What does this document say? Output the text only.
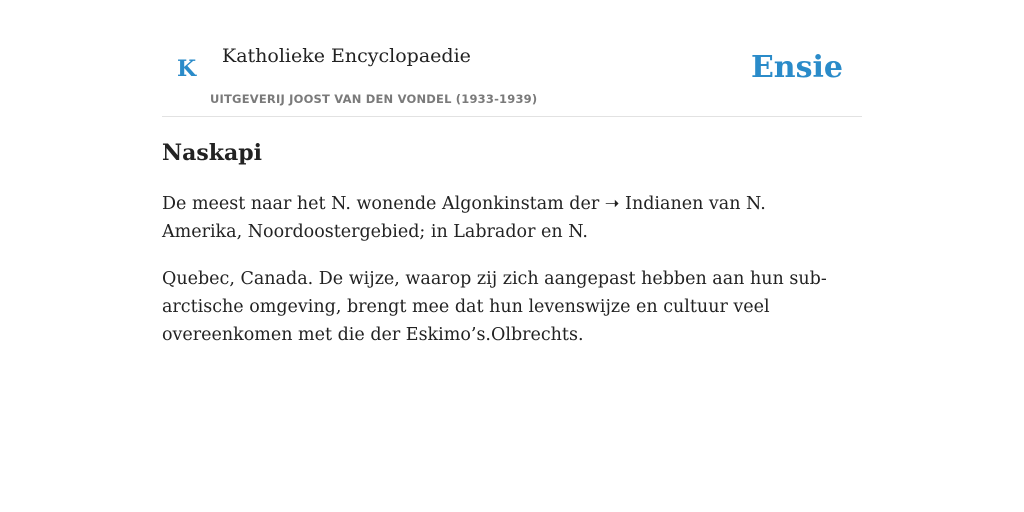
K Katholieke Encyclopaedie
UITGEVERIJ JOOST VAN DEN VONDEL (1933-1939)
Ensie
Naskapi

De meest naar het N. wonende Algonkinstam der ➝ Indianen van N. Amerika, Noordoostergebied; in Labrador en N.

Quebec, Canada. De wijze, waarop zij zich aangepast hebben aan hun sub-arctische omgeving, brengt mee dat hun levenswijze en cultuur veel overeenkomen met die der Eskimo’s.Olbrechts.
